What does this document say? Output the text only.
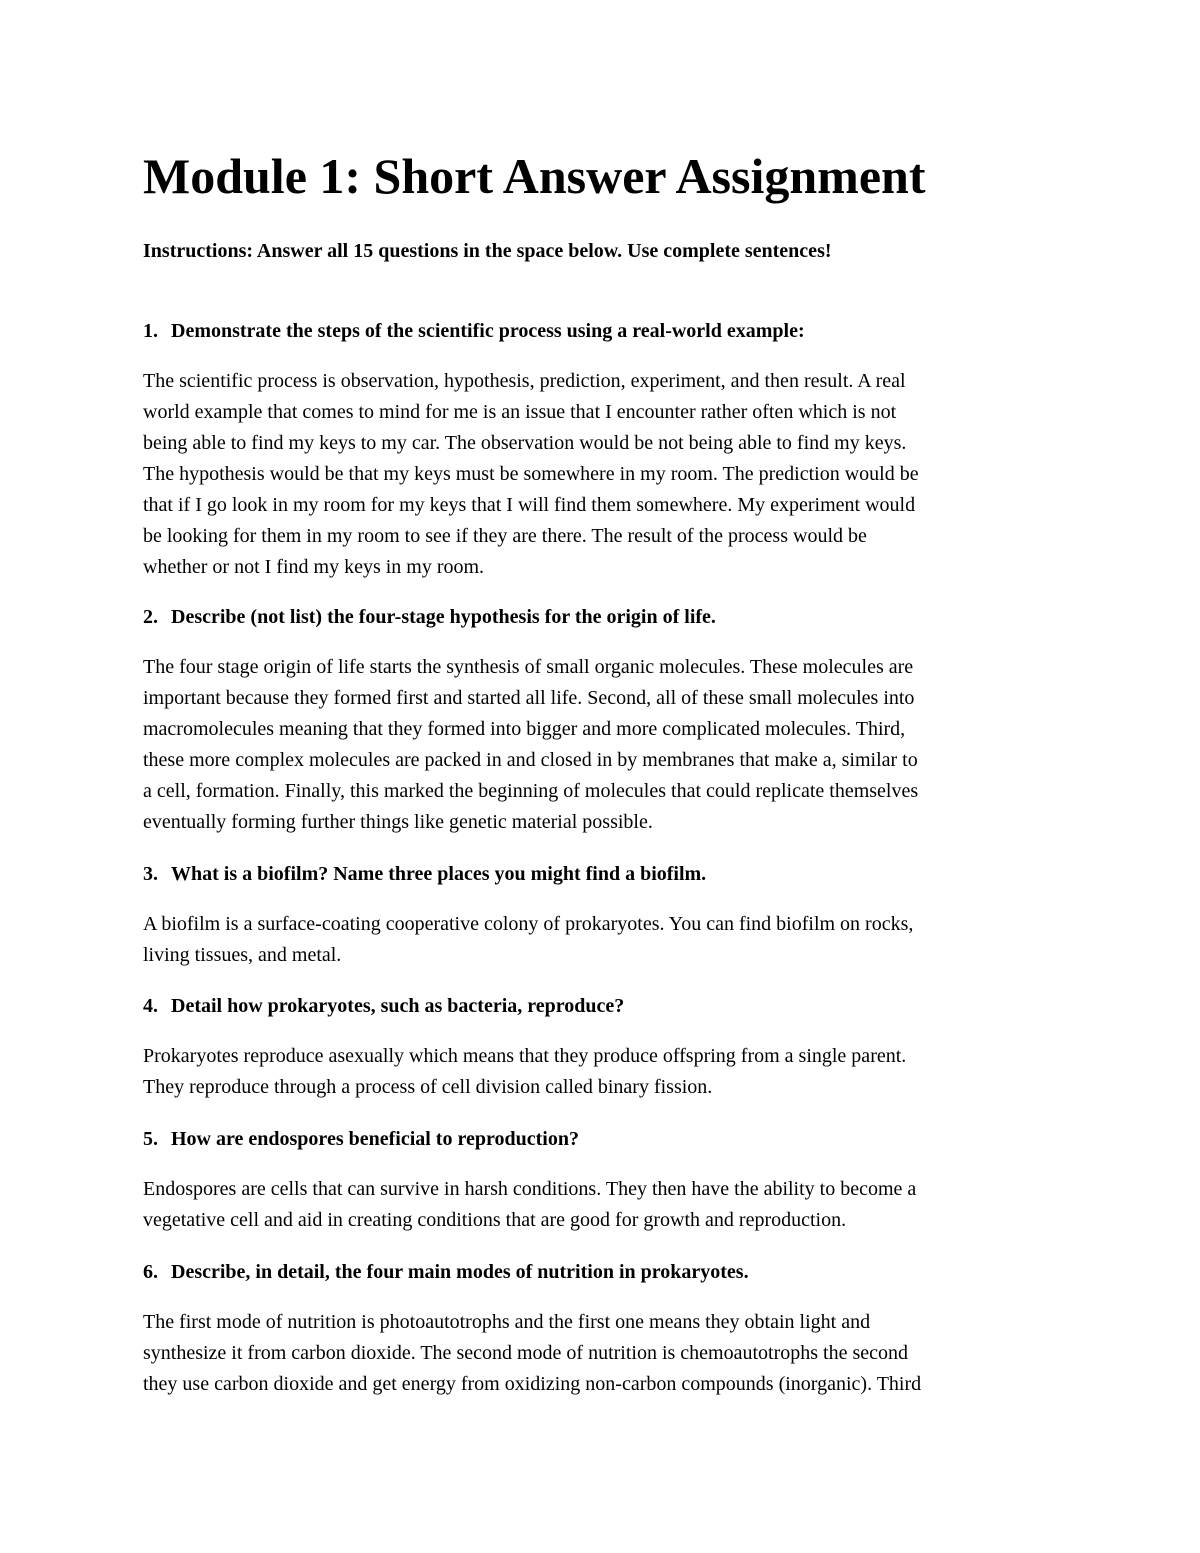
Module 1: Short Answer Assignment

Instructions: Answer all 15 questions in the space below. Use complete sentences!

1. Demonstrate the steps of the scientific process using a real-world example:

The scientific process is observation, hypothesis, prediction, experiment, and then result. A real
world example that comes to mind for me is an issue that I encounter rather often which is not
being able to find my keys to my car. The observation would be not being able to find my keys.
The hypothesis would be that my keys must be somewhere in my room. The prediction would be
that if I go look in my room for my keys that I will find them somewhere. My experiment would
be looking for them in my room to see if they are there. The result of the process would be
whether or not I find my keys in my room.

2. Describe (not list) the four-stage hypothesis for the origin of life.

The four stage origin of life starts the synthesis of small organic molecules. These molecules are
important because they formed first and started all life. Second, all of these small molecules into
macromolecules meaning that they formed into bigger and more complicated molecules. Third,
these more complex molecules are packed in and closed in by membranes that make a, similar to
a cell, formation. Finally, this marked the beginning of molecules that could replicate themselves
eventually forming further things like genetic material possible.

3. What is a biofilm? Name three places you might find a biofilm.

A biofilm is a surface-coating cooperative colony of prokaryotes. You can find biofilm on rocks,
living tissues, and metal.

4. Detail how prokaryotes, such as bacteria, reproduce?

Prokaryotes reproduce asexually which means that they produce offspring from a single parent.
They reproduce through a process of cell division called binary fission.

5. How are endospores beneficial to reproduction?

Endospores are cells that can survive in harsh conditions. They then have the ability to become a
vegetative cell and aid in creating conditions that are good for growth and reproduction.

6. Describe, in detail, the four main modes of nutrition in prokaryotes.

The first mode of nutrition is photoautotrophs and the first one means they obtain light and
synthesize it from carbon dioxide. The second mode of nutrition is chemoautotrophs the second
they use carbon dioxide and get energy from oxidizing non-carbon compounds (inorganic). Third
